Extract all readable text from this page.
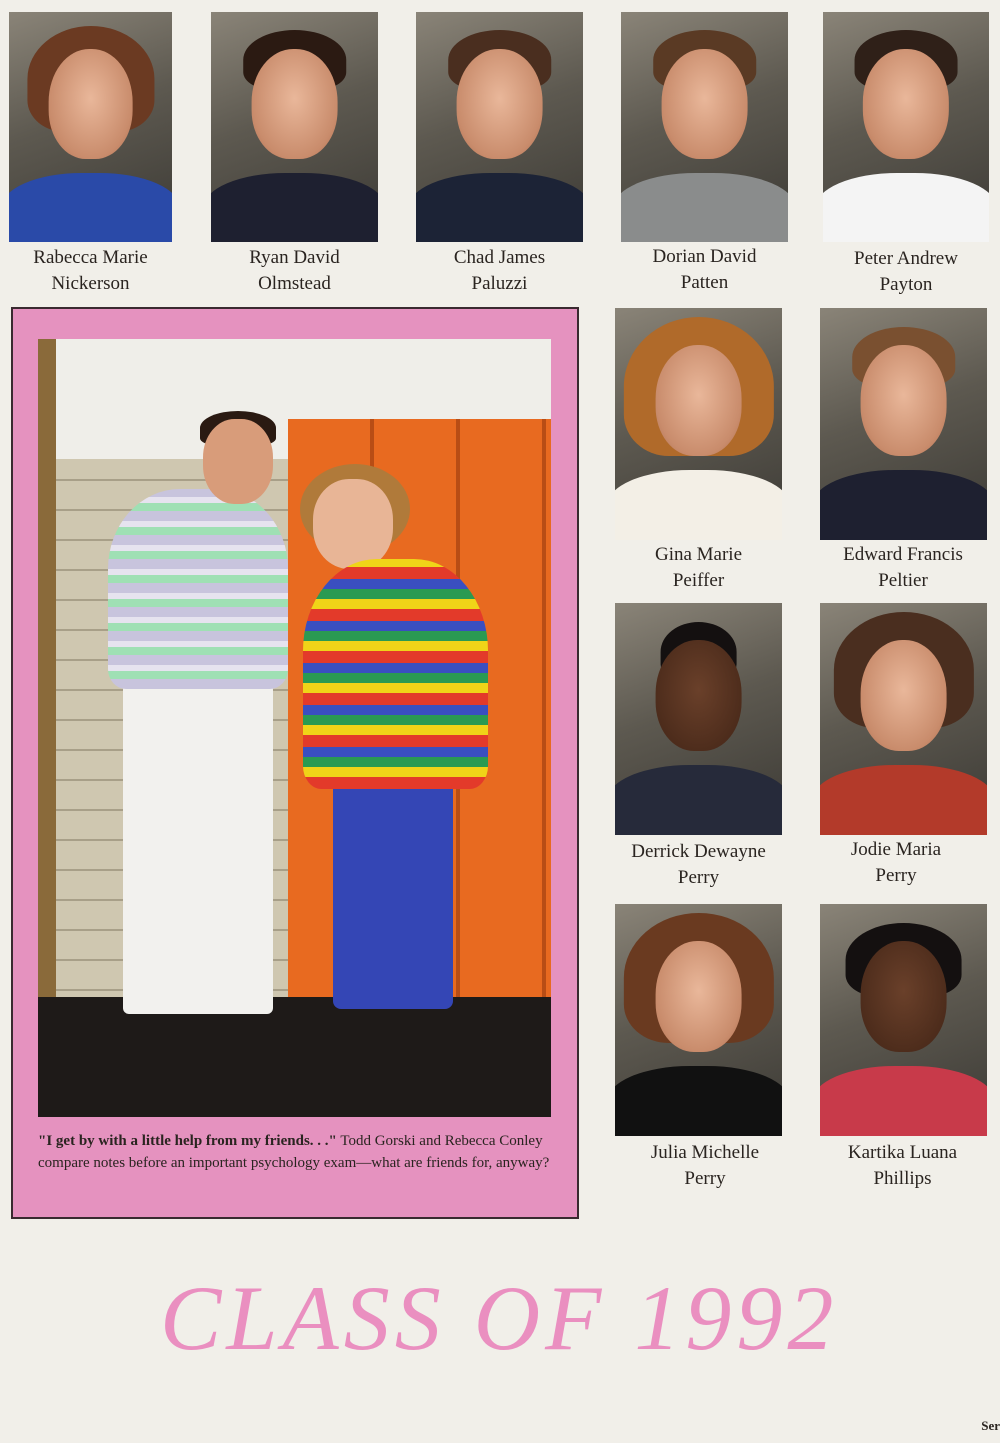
Rabecca Marie
Nickerson
Ryan David
Olmstead
Chad James
Paluzzi
Dorian David
Patten
Peter Andrew
Payton
"I get by with a little help from my friends. . ." Todd Gorski and Rebecca Conley compare notes before an important psychology exam—what are friends for, anyway?
Gina Marie
Peiffer
Edward Francis
Peltier
Derrick Dewayne
Perry
Jodie Maria
Perry
Julia Michelle
Perry
Kartika Luana
Phillips
CLASS OF 1992
Ser
